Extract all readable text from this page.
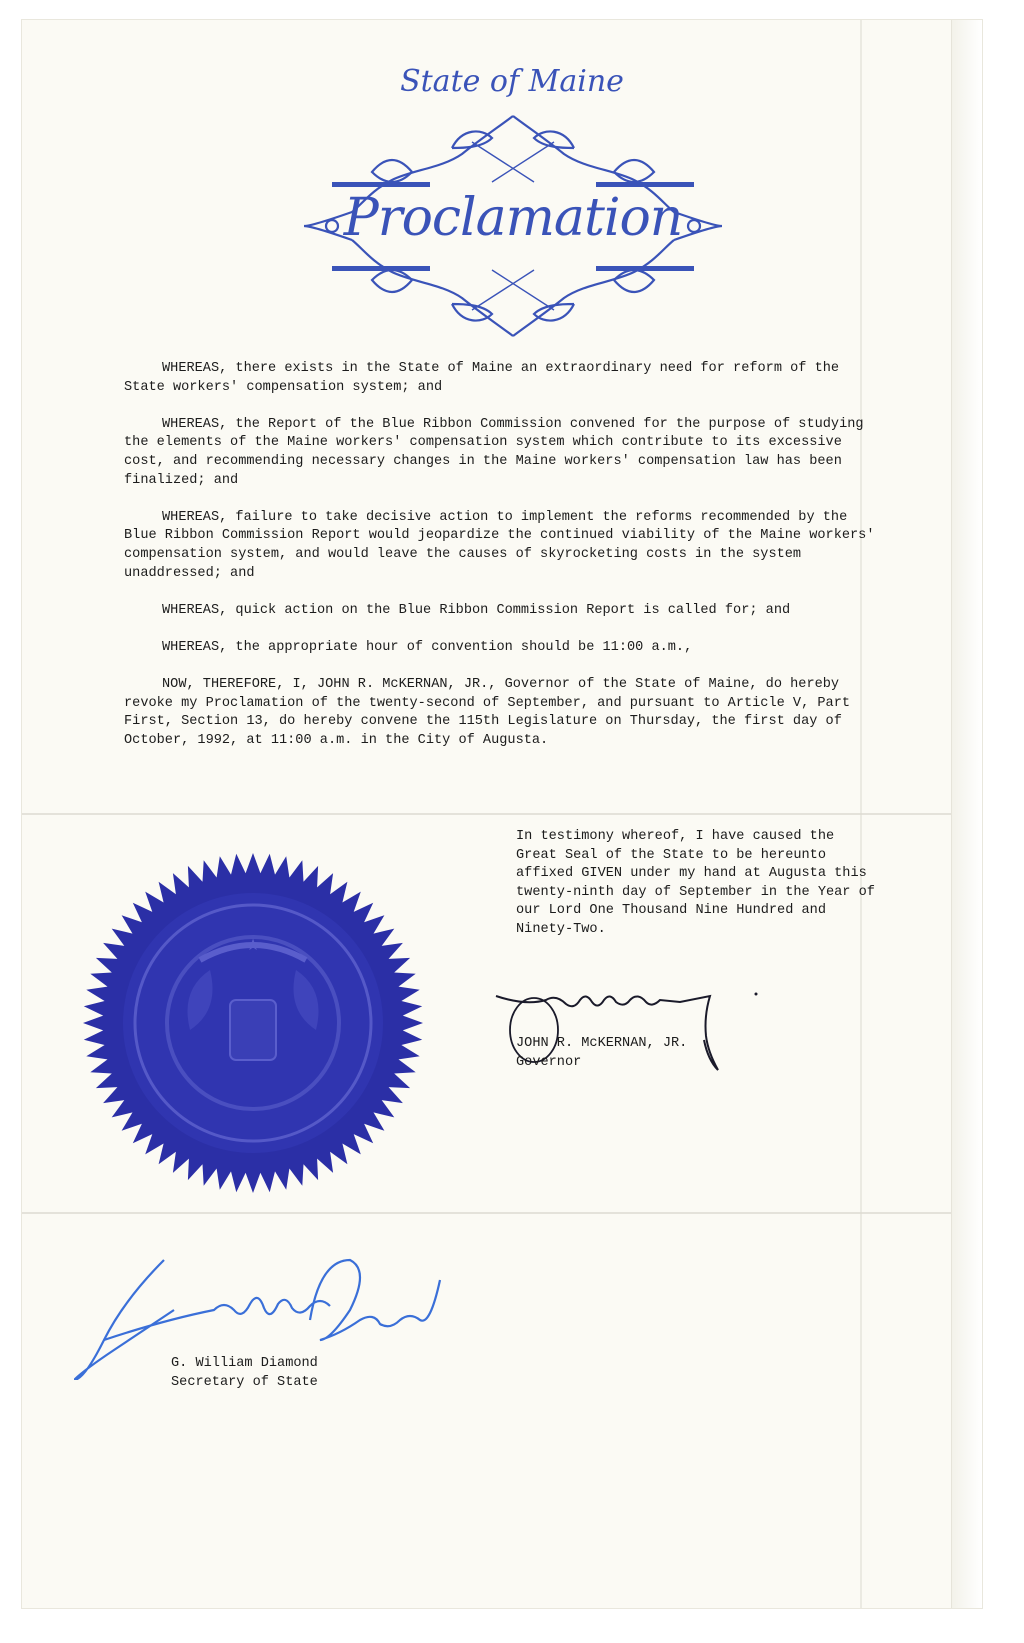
State of Maine
Proclamation

WHEREAS, there exists in the State of Maine an extraordinary need for reform of the State workers' compensation system; and

WHEREAS, the Report of the Blue Ribbon Commission convened for the purpose of studying the elements of the Maine workers' compensation system which contribute to its excessive cost, and recommending necessary changes in the Maine workers' compensation law has been finalized; and

WHEREAS, failure to take decisive action to implement the reforms recommended by the Blue Ribbon Commission Report would jeopardize the continued viability of the Maine workers' compensation system, and would leave the causes of skyrocketing costs in the system unaddressed; and

WHEREAS, quick action on the Blue Ribbon Commission Report is called for; and

WHEREAS, the appropriate hour of convention should be 11:00 a.m.,

NOW, THEREFORE, I, JOHN R. McKERNAN, JR., Governor of the State of Maine, do hereby revoke my Proclamation of the twenty-second of September, and pursuant to Article V, Part First, Section 13, do hereby convene the 115th Legislature on Thursday, the first day of October, 1992, at 11:00 a.m. in the City of Augusta.

In testimony whereof, I have caused the Great Seal of the State to be hereunto affixed GIVEN under my hand at Augusta this twenty-ninth day of September in the Year of our Lord One Thousand Nine Hundred and Ninety-Two.
★
JOHN R. McKERNAN, JR.
Governor
G. William Diamond
Secretary of State
